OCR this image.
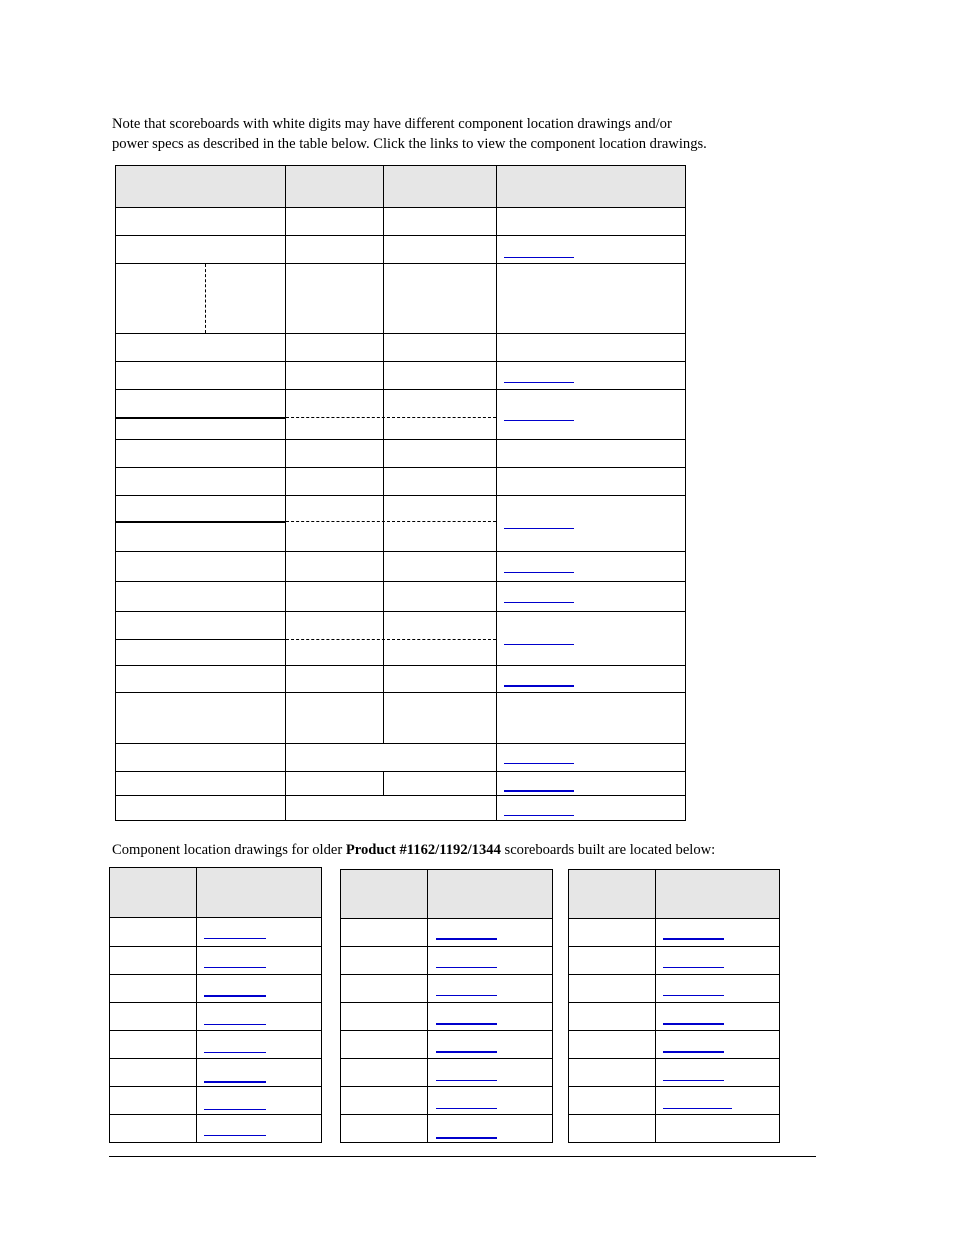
Note that scoreboards with white digits may have different component location drawings and/or

power specs as described in the table below. Click the links to view the component location drawings.

Component location drawings for older Product #1162/1192/1344 scoreboards built are located below:
